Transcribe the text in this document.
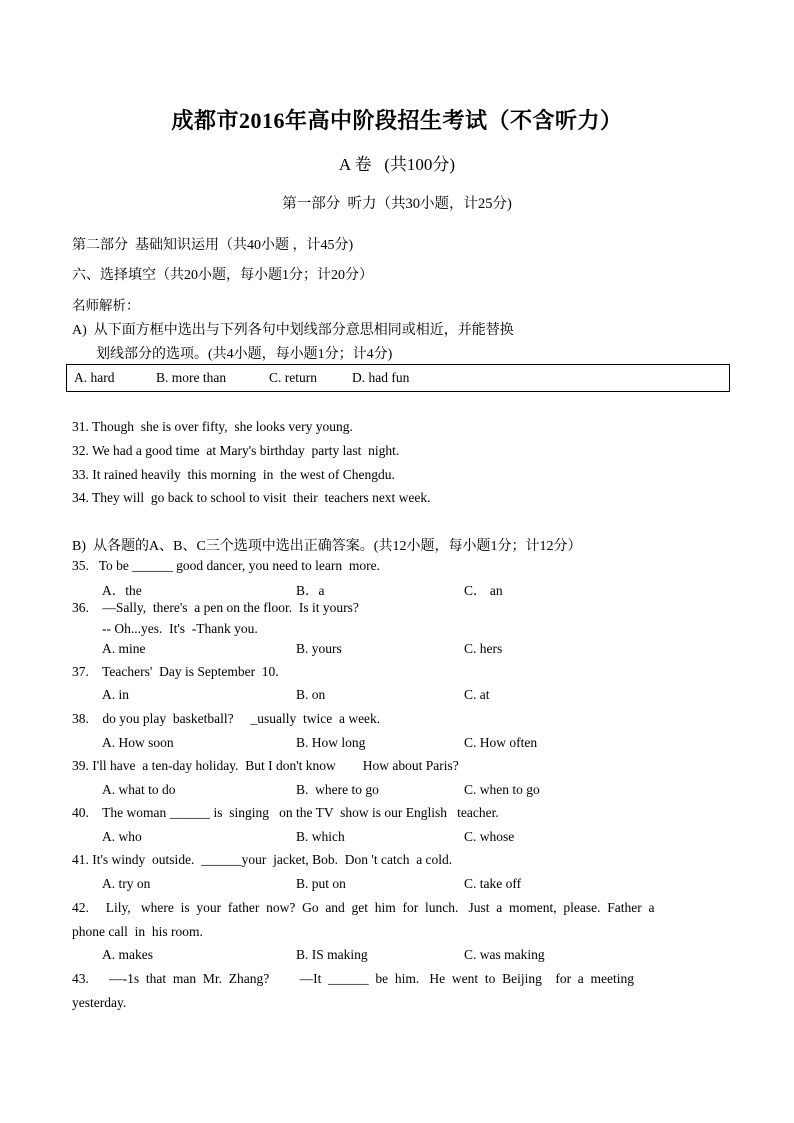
成都市2016年高中阶段招生考试（不含听力）
A 卷   (共100分)
第一部分  听力（共30小题，计25分)
第二部分  基础知识运用（共40小题 ，计45分)
六、选择填空（共20小题，每小题1分；计20分）
名师解析：
A)  从下面方框中选出与下列各句中划线部分意思相同或相近，并能替换
划线部分的选项。(共4小题，每小题1分；计4分)
A. hard	B. more than	C. return	D. had fun
31. Though  she is over fifty,  she looks very young.
32. We had a good time  at Mary's birthday  party last  night.
33. It rained heavily  this morning  in  the west of Chengdu.
34. They will  go back to school to visit  their  teachers next week.
B)  从各题的A、B、C三个选项中选出正确答案。(共12小题，每小题1分；计12分）
35.   To be ______ good dancer, you need to learn  more.
A．the	B．a	C． an
36.    —Sally,  there's  a pen on the floor.  Is it yours?
-- Oh...yes.  It's  -Thank you.
A. mine	B. yours	C. hers
37.    Teachers'  Day is September  10.
A. in	B. on	C. at
38.    do you play  basketball?     _usually  twice  a week.
A. How soon	B. How long	C. How often
39. I'll have  a ten-day holiday.  But I don't know        How about Paris?
A. what to do	B.  where to go	C. when to go
40.    The woman ______ is  singing   on the TV  show is our English   teacher.
A. who	B. which	C. whose
41. It's windy  outside.  ______your  jacket, Bob.  Don 't catch  a cold.
A. try on	B. put on	C. take off
42.     Lily,   where  is  your  father  now?  Go  and  get  him  for  lunch.   Just  a  moment,  please.  Father  a
phone call  in  his room.
A. makes	B. IS making	C. was making
43.      —-1s  that  man  Mr.  Zhang?         —It  ______  be  him.   He  went  to  Beijing    for  a  meeting
yesterday.
